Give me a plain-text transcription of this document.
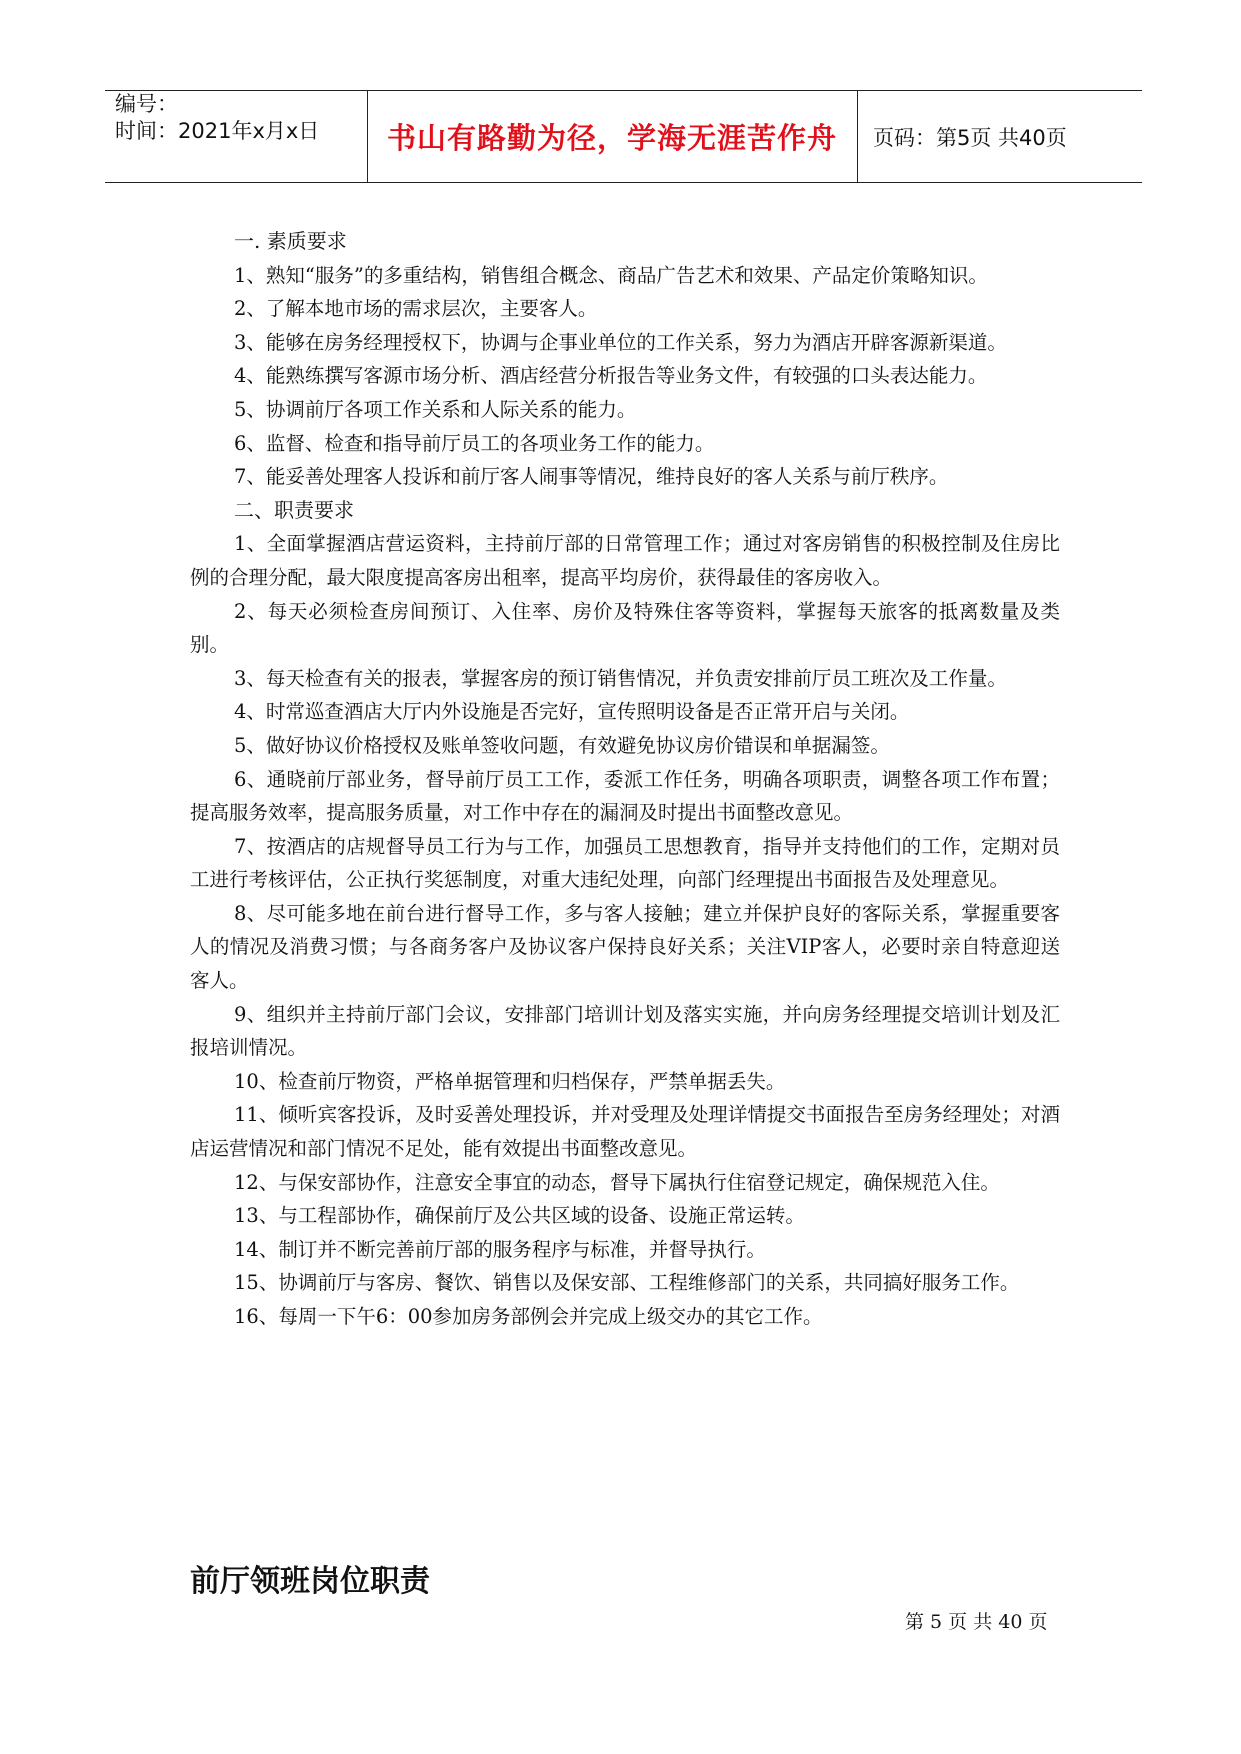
编号：
时间：2021年x月x日	书山有路勤为径，学海无涯苦作舟	页码：第5页 共40页

一. 素质要求

1、熟知“服务”的多重结构，销售组合概念、商品广告艺术和效果、产品定价策略知识。

2、了解本地市场的需求层次，主要客人。

3、能够在房务经理授权下，协调与企事业单位的工作关系，努力为酒店开辟客源新渠道。

4、能熟练撰写客源市场分析、酒店经营分析报告等业务文件，有较强的口头表达能力。

5、协调前厅各项工作关系和人际关系的能力。

6、监督、检查和指导前厅员工的各项业务工作的能力。

7、能妥善处理客人投诉和前厅客人闹事等情况，维持良好的客人关系与前厅秩序。

二、职责要求

1、全面掌握酒店营运资料，主持前厅部的日常管理工作；通过对客房销售的积极控制及住房比例的合理分配，最大限度提高客房出租率，提高平均房价，获得最佳的客房收入。

2、每天必须检查房间预订、入住率、房价及特殊住客等资料，掌握每天旅客的抵离数量及类别。

3、每天检查有关的报表，掌握客房的预订销售情况，并负责安排前厅员工班次及工作量。

4、时常巡查酒店大厅内外设施是否完好，宣传照明设备是否正常开启与关闭。

5、做好协议价格授权及账单签收问题，有效避免协议房价错误和单据漏签。

6、通晓前厅部业务，督导前厅员工工作，委派工作任务，明确各项职责，调整各项工作布置；提高服务效率，提高服务质量，对工作中存在的漏洞及时提出书面整改意见。

7、按酒店的店规督导员工行为与工作，加强员工思想教育，指导并支持他们的工作，定期对员工进行考核评估，公正执行奖惩制度，对重大违纪处理，向部门经理提出书面报告及处理意见。

8、尽可能多地在前台进行督导工作，多与客人接触；建立并保护良好的客际关系，掌握重要客人的情况及消费习惯；与各商务客户及协议客户保持良好关系；关注VIP客人，必要时亲自特意迎送客人。

9、组织并主持前厅部门会议，安排部门培训计划及落实实施，并向房务经理提交培训计划及汇报培训情况。

10、检查前厅物资，严格单据管理和归档保存，严禁单据丢失。

11、倾听宾客投诉，及时妥善处理投诉，并对受理及处理详情提交书面报告至房务经理处；对酒店运营情况和部门情况不足处，能有效提出书面整改意见。

12、与保安部协作，注意安全事宜的动态，督导下属执行住宿登记规定，确保规范入住。

13、与工程部协作，确保前厅及公共区域的设备、设施正常运转。

14、制订并不断完善前厅部的服务程序与标准，并督导执行。

15、协调前厅与客房、餐饮、销售以及保安部、工程维修部门的关系，共同搞好服务工作。

16、每周一下午6：00参加房务部例会并完成上级交办的其它工作。

前厅领班岗位职责
第 5 页 共 40 页
